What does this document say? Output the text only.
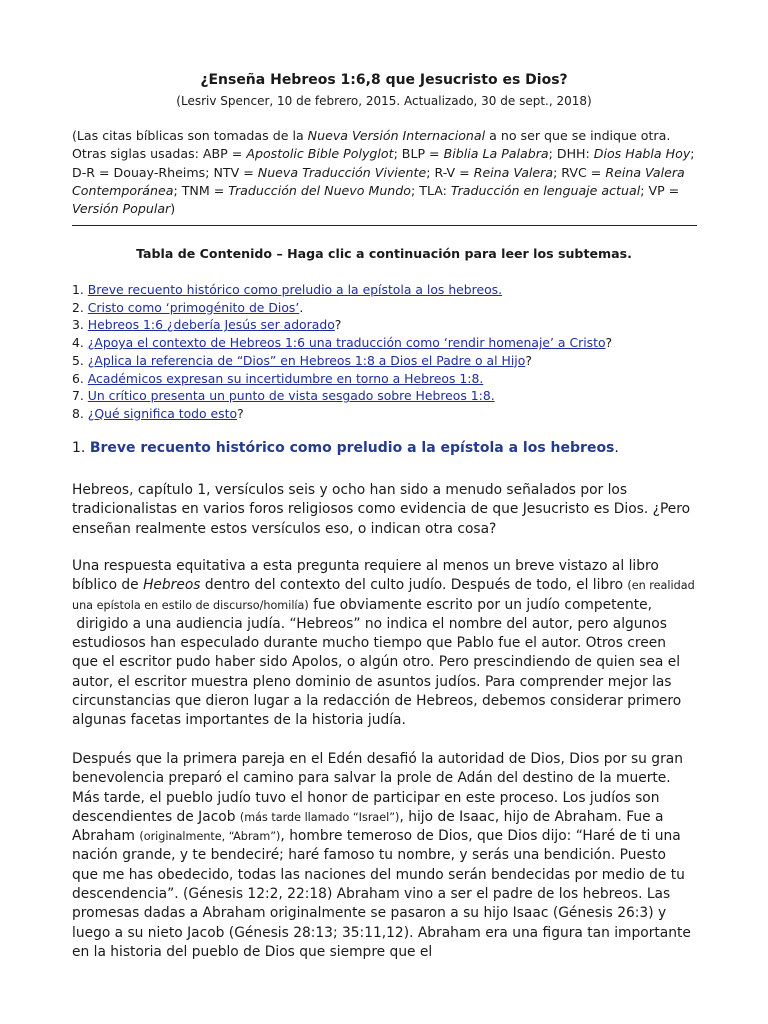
¿Enseña Hebreos 1:6,8 que Jesucristo es Dios?
(Lesriv Spencer, 10 de febrero, 2015. Actualizado, 30 de sept., 2018)
(Las citas bíblicas son tomadas de la Nueva Versión Internacional a no ser que se indique otra. Otras siglas usadas: ABP = Apostolic Bible Polyglot; BLP = Biblia La Palabra; DHH: Dios Habla Hoy; D-R = Douay-Rheims; NTV = Nueva Traducción Viviente; R-V = Reina Valera; RVC = Reina Valera Contemporánea; TNM = Traducción del Nuevo Mundo; TLA: Traducción en lenguaje actual; VP = Versión Popular)
Tabla de Contenido – Haga clic a continuación para leer los subtemas.
1. Breve recuento histórico como preludio a la epístola a los hebreos.
2. Cristo como ‘primogénito de Dios’.
3. Hebreos 1:6 ¿debería Jesús ser adorado?
4. ¿Apoya el contexto de Hebreos 1:6 una traducción como ‘rendir homenaje’ a Cristo?
5. ¿Aplica la referencia de “Dios” en Hebreos 1:8 a Dios el Padre o al Hijo?
6. Académicos expresan su incertidumbre en torno a Hebreos 1:8.
7. Un crítico presenta un punto de vista sesgado sobre Hebreos 1:8.
8. ¿Qué significa todo esto?
1. Breve recuento histórico como preludio a la epístola a los hebreos.
Hebreos, capítulo 1, versículos seis y ocho han sido a menudo señalados por los tradicionalistas en varios foros religiosos como evidencia de que Jesucristo es Dios. ¿Pero enseñan realmente estos versículos eso, o indican otra cosa?
Una respuesta equitativa a esta pregunta requiere al menos un breve vistazo al libro bíblico de Hebreos dentro del contexto del culto judío. Después de todo, el libro (en realidad una epístola en estilo de discurso/homilía) fue obviamente escrito por un judío competente,  dirigido a una audiencia judía. “Hebreos” no indica el nombre del autor, pero algunos estudiosos han especulado durante mucho tiempo que Pablo fue el autor. Otros creen que el escritor pudo haber sido Apolos, o algún otro. Pero prescindiendo de quien sea el autor, el escritor muestra pleno dominio de asuntos judíos. Para comprender mejor las circunstancias que dieron lugar a la redacción de Hebreos, debemos considerar primero algunas facetas importantes de la historia judía.
Después que la primera pareja en el Edén desafió la autoridad de Dios, Dios por su gran benevolencia preparó el camino para salvar la prole de Adán del destino de la muerte. Más tarde, el pueblo judío tuvo el honor de participar en este proceso. Los judíos son descendientes de Jacob (más tarde llamado “Israel”), hijo de Isaac, hijo de Abraham. Fue a Abraham (originalmente, “Abram”), hombre temeroso de Dios, que Dios dijo: “Haré de ti una nación grande, y te bendeciré; haré famoso tu nombre, y serás una bendición. Puesto que me has obedecido, todas las naciones del mundo serán bendecidas por medio de tu descendencia”. (Génesis 12:2, 22:18) Abraham vino a ser el padre de los hebreos. Las promesas dadas a Abraham originalmente se pasaron a su hijo Isaac (Génesis 26:3) y luego a su nieto Jacob (Génesis 28:13; 35:11,12). Abraham era una figura tan importante en la historia del pueblo de Dios que siempre que el
